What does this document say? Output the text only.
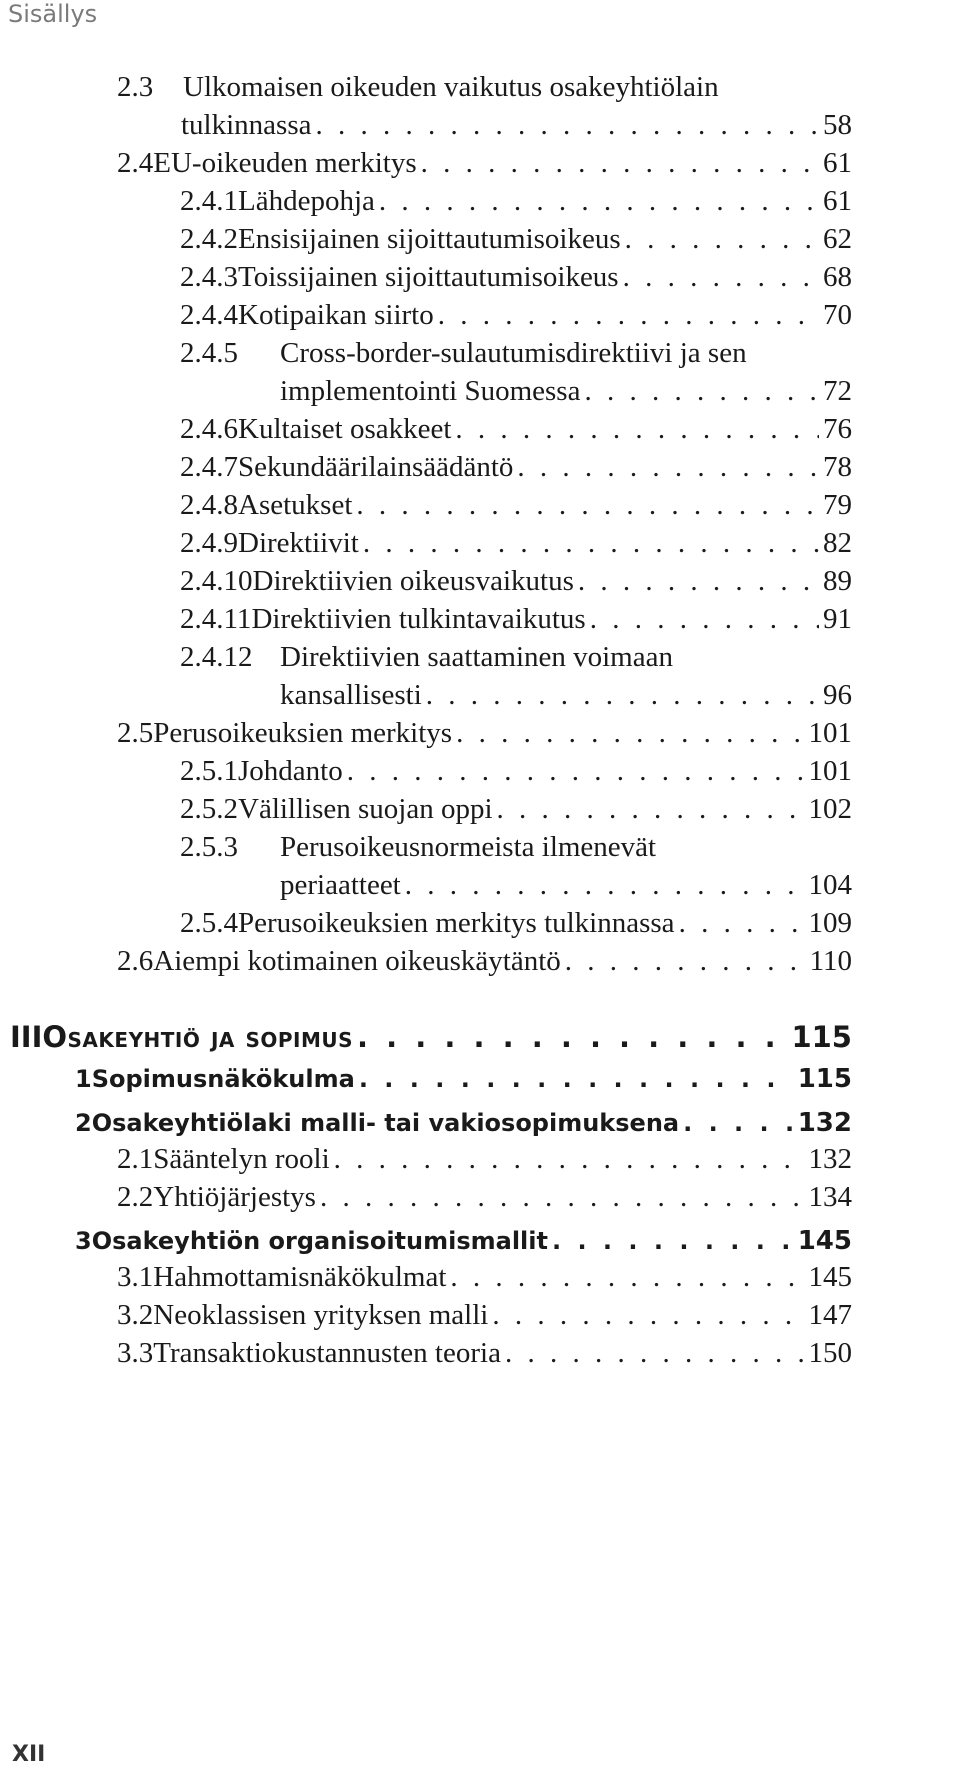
Sisällys
2.3	Ulkomaisen oikeuden vaikutus osakeyhtiölain
tulkinnassa . . .	58
2.4 EU-oikeuden merkitys . . .	61
2.4.1 Lähdepohja . . .	61
2.4.2 Ensisijainen sijoittautumisoikeus . . .	62
2.4.3 Toissijainen sijoittautumisoikeus . . .	68
2.4.4 Kotipaikan siirto . . .	70
2.4.5	Cross-border-sulautumisdirektiivi ja sen
implementointi Suomessa . . .	72
2.4.6 Kultaiset osakkeet . . .	76
2.4.7 Sekundäärilainsäädäntö . . .	78
2.4.8 Asetukset . . .	79
2.4.9 Direktiivit . . .	82
2.4.10 Direktiivien oikeusvaikutus . . .	89
2.4.11 Direktiivien tulkintavaikutus . . .	91
2.4.12 Direktiivien saattaminen voimaan
kansallisesti . . .	96
2.5 Perusoikeuksien merkitys . . .	101
2.5.1 Johdanto . . .	101
2.5.2 Välillisen suojan oppi . . .	102
2.5.3	Perusoikeusnormeista ilmenevät
periaatteet . . .	104
2.5.4 Perusoikeuksien merkitys tulkinnassa . . .	109
2.6 Aiempi kotimainen oikeuskäytäntö . . .	110
III Osakeyhtiö ja sopimus . . .	115
1 Sopimusnäkökulma . . .	115
2 Osakeyhtiölaki malli- tai vakiosopimuksena . . .	132
2.1 Sääntelyn rooli . . .	132
2.2 Yhtiöjärjestys . . .	134
3 Osakeyhtiön organisoitumismallit . . .	145
3.1 Hahmottamisnäkökulmat . . .	145
3.2 Neoklassisen yrityksen malli . . .	147
3.3 Transaktiokustannusten teoria . . .	150
XII
